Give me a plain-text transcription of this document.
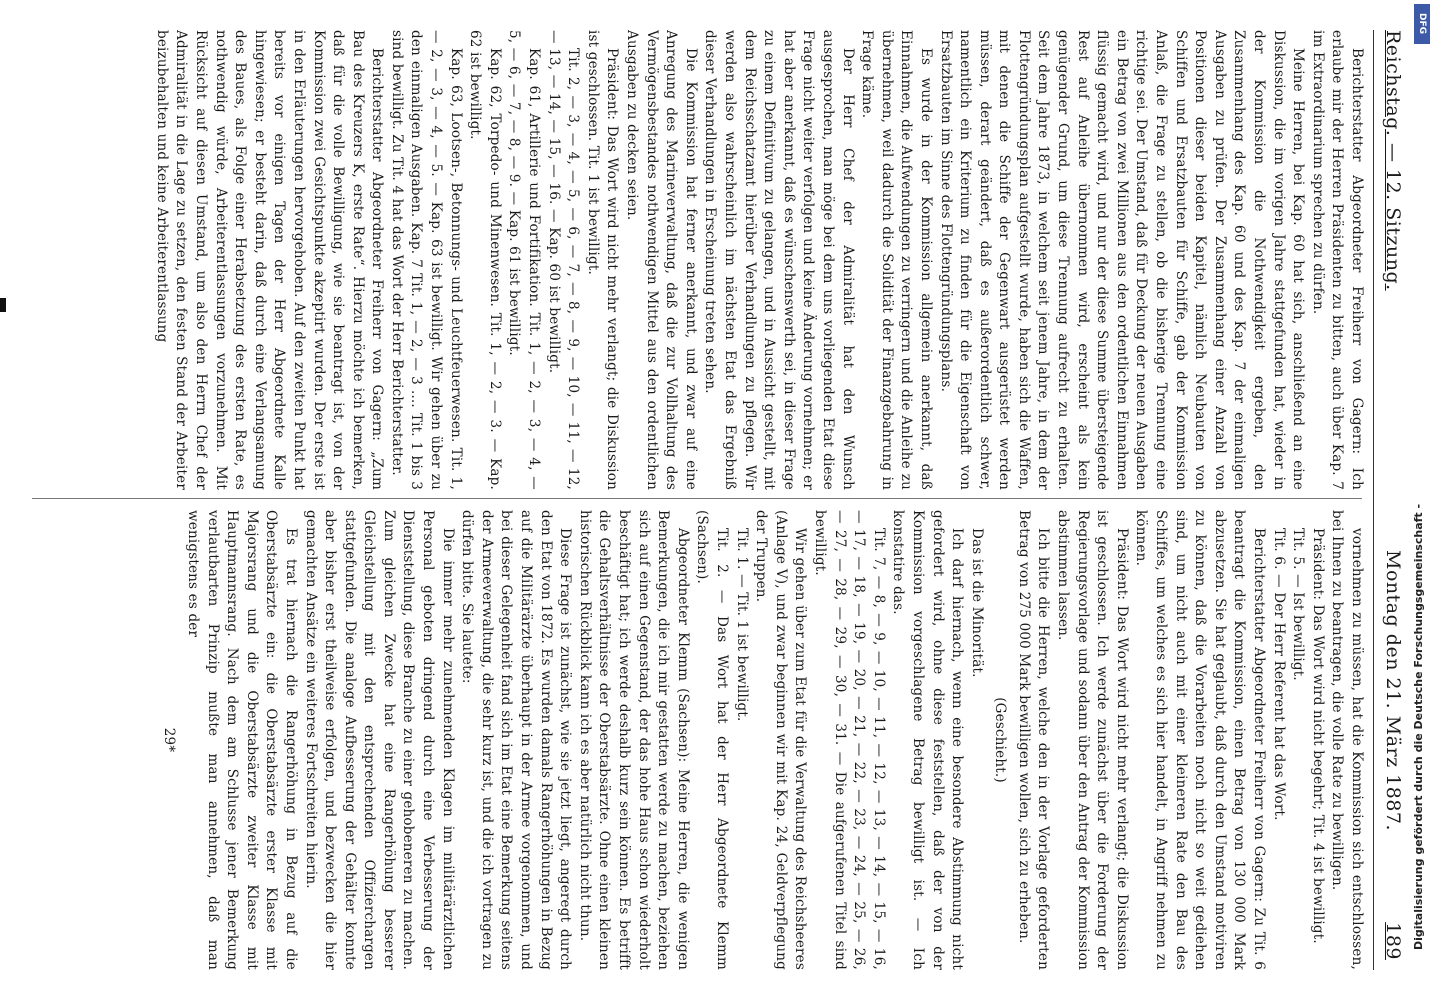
Reichstag. — 12. Sitzung.
Montag den 21. März 1887.
189

Berichterstatter Abgeordneter Freiherr von Gagern: Ich erlaube mir der Herren Präsidenten zu bitten, auch über Kap. 7 im Extraordinarium sprechen zu dürfen.

Meine Herren, bei Kap. 60 hat sich, anschließend an eine Diskussion, die im vorigen Jahre stattgefunden hat, wieder in der Kommission die Nothwendigkeit ergeben, den Zusammenhang des Kap. 60 und des Kap. 7 der einmaligen Ausgaben zu prüfen. Der Zusammenhang einer Anzahl von Positionen dieser beiden Kapitel, nämlich Neubauten von Schiffen und Ersatzbauten für Schiffe, gab der Kommission Anlaß, die Frage zu stellen, ob die bisherige Trennung eine richtige sei. Der Umstand, daß für Deckung der neuen Ausgaben ein Betrag von zwei Millionen aus den ordentlichen Einnahmen flüssig gemacht wird, und nur der diese Summe übersteigende Rest auf Anleihe übernommen wird, erscheint als kein genügender Grund, um diese Trennung aufrecht zu erhalten. Seit dem Jahre 1873, in welchem seit jenem Jahre, in dem der Flottengründungsplan aufgestellt wurde, haben sich die Waffen, mit denen die Schiffe der Gegenwart ausgerüstet werden müssen, derart geändert, daß es außerordentlich schwer, namentlich ein Kriterium zu finden für die Eigenschaft von Ersatzbauten im Sinne des Flottengründungsplans.

Es wurde in der Kommission allgemein anerkannt, daß Einnahmen, die Aufwendungen zu verringern und die Anleihe zu übernehmen, weil dadurch die Solidität der Finanzgebahrung in Frage käme.

Der Herr Chef der Admiralität hat den Wunsch ausgesprochen, man möge bei dem uns vorliegenden Etat diese Frage nicht weiter verfolgen und keine Änderung vornehmen; er hat aber anerkannt, daß es wünschenswerth sei, in dieser Frage zu einem Definitivum zu gelangen, und in Aussicht gestellt, mit dem Reichsschatzamt hierüber Verhandlungen zu pflegen. Wir werden also wahrscheinlich im nächsten Etat das Ergebniß dieser Verhandlungen in Erscheinung treten sehen.

Die Kommission hat ferner anerkannt, und zwar auf eine Anregung des Marineverwaltung, daß die zur Vollhaltung des Vermögensbestandes nothwendigen Mittel aus den ordentlichen Ausgaben zu decken seien.

Präsident: Das Wort wird nicht mehr verlangt; die Diskussion ist geschlossen. Tit. 1 ist bewilligt.

Tit. 2, — 3, — 4, — 5, — 6, — 7, — 8, — 9, — 10, — 11, — 12, — 13, — 14, — 15, — 16. — Kap. 60 ist bewilligt.

Kap. 61, Artillerie und Fortifikation. Tit. 1, — 2, — 3, — 4, — 5, — 6, — 7, — 8, — 9. — Kap. 61 ist bewilligt.

Kap. 62, Torpedo- und Minenwesen. Tit. 1, — 2, — 3. — Kap. 62 ist bewilligt.

Kap. 63, Lootsen-, Betonnungs- und Leuchtfeuerwesen. Tit. 1, — 2, — 3, — 4, — 5. — Kap. 63 ist bewilligt. Wir gehen über zu den einmaligen Ausgaben. Kap. 7 Tit. 1, — 2, — 3 .... Tit. 1 bis 3 sind bewilligt. Zu Tit. 4 hat das Wort der Herr Berichterstatter.

Berichterstatter Abgeordneter Freiherr von Gagern: „Zum Bau des Kreuzers K, erste Rate“. Hierzu möchte ich bemerken, daß für die volle Bewilligung, wie sie beantragt ist, von der Kommission zwei Gesichtspunkte akzeptirt wurden. Der erste ist in den Erläuterungen hervorgehoben. Auf den zweiten Punkt hat bereits vor einigen Tagen der Herr Abgeordnete Kalle hingewiesen; er besteht darin, daß durch eine Verlangsamung des Baues, als Folge einer Herabsetzung des ersten Rate, es nothwendig würde, Arbeiterentlassungen vorzunehmen. Mit Rücksicht auf diesen Umstand, um also den Herrn Chef der Admiralität in die Lage zu setzen, den festen Stand der Arbeiter beizubehalten und keine Arbeiterentlassung

vornehmen zu müssen, hat die Kommission sich entschlossen, bei Ihnen zu beantragen, die volle Rate zu bewilligen.

Präsident: Das Wort wird nicht begehrt; Tit. 4 ist bewilligt.

Tit. 5. — Ist bewilligt.

Tit. 6. — Der Herr Referent hat das Wort.

Berichterstatter Abgeordneter Freiherr von Gagern: Zu Tit. 6 beantragt die Kommission, einen Betrag von 130 000 Mark abzusetzen. Sie hat geglaubt, daß durch den Umstand motiviren zu können, daß die Vorarbeiten noch nicht so weit gediehen sind, um nicht auch mit einer kleineren Rate den Bau des Schiffes, um welches es sich hier handelt, in Angriff nehmen zu können.

Präsident: Das Wort wird nicht mehr verlangt; die Diskussion ist geschlossen. Ich werde zunächst über die Forderung der Regierungsvorlage und sodann über den Antrag der Kommission abstimmen lassen.

Ich bitte die Herren, welche den in der Vorlage geforderten Betrag von 275 000 Mark bewilligen wollen, sich zu erheben.

(Geschieht.)

Das ist die Minorität.

Ich darf hiernach, wenn eine besondere Abstimmung nicht gefordert wird, ohne diese feststellen, daß der von der Kommission vorgeschlagene Betrag bewilligt ist. — Ich konstatire das.

Tit. 7, — 8, — 9, — 10, — 11, — 12, — 13, — 14, — 15, — 16, — 17, — 18, — 19, — 20, — 21, — 22, — 23, — 24, — 25, — 26, — 27, — 28, — 29, — 30, — 31. — Die aufgerufenen Titel sind bewilligt.

Wir gehen über zum Etat für die Verwaltung des Reichsheeres (Anlage V), und zwar beginnen wir mit Kap. 24, Geldverpflegung der Truppen.

Tit. 1. — Tit. 1 ist bewilligt.

Tit. 2. — Das Wort hat der Herr Abgeordnete Klemm (Sachsen).

Abgeordneter Klemm (Sachsen): Meine Herren, die wenigen Bemerkungen, die ich mir gestatten werde zu machen, beziehen sich auf einen Gegenstand, der das hohe Haus schon wiederholt beschäftigt hat; ich werde deshalb kurz sein können. Es betrifft die Gehaltsverhältnisse der Oberstabsärzte. Ohne einen kleinen historischen Rückblick kann ich es aber natürlich nicht thun.

Diese Frage ist zunächst, wie sie jetzt liegt, angeregt durch den Etat von 1872. Es wurden damals Rangerhöhungen in Bezug auf die Militärärzte überhaupt in der Armee vorgenommen, und bei dieser Gelegenheit fand sich im Etat eine Bemerkung seitens der Armeeverwaltung, die sehr kurz ist, und die ich vortragen zu dürfen bitte. Sie lautete:

Die immer mehr zunehmenden Klagen im militärärztlichen Personal geboten dringend durch eine Verbesserung der Dienststellung, diese Branche zu einer gehobeneren zu machen. Zum gleichen Zwecke hat eine Rangerhöhung besserer Gleichstellung mit den entsprechenden Offizierchargen stattgefunden. Die analoge Aufbesserung der Gehälter konnte aber bisher erst theilweise erfolgen, und bezwecken die hier gemachten Ansätze ein weiteres Fortschreiten hierin.

Es trat hiernach die Rangerhöhung in Bezug auf die Oberstabsärzte ein: die Oberstabsärzte erster Klasse mit Majorsrang und die Oberstabsärzte zweiter Klasse mit Hauptmannsrang. Nach dem am Schlusse jener Bemerkung verlautbarten Prinzip mußte man annehmen, daß man wenigstens es der

29*

DFG
Digitalisierung gefördert durch die Deutsche Forschungsgemeinschaft -
